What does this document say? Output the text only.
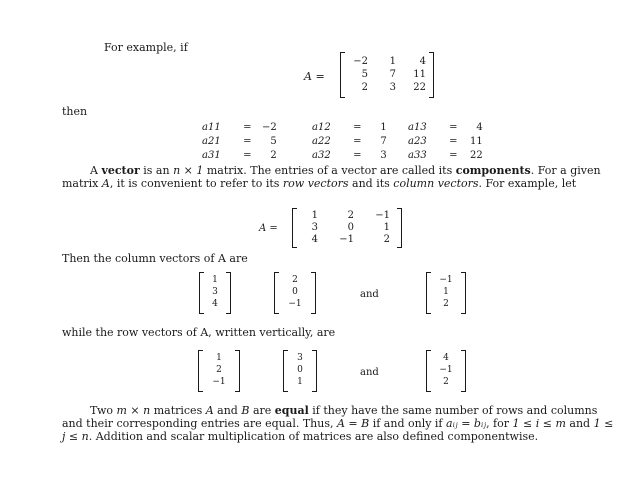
For example, if
A =
−2	1	4
5	7	11
2	3	22
then
a11 = −2	a12 = 1 a13 = 4
a21 = 5	a22 = 7 a23 = 11
a31 = 2	a32 = 3 a33 = 22
A vector is an n × 1 matrix. The entries of a vector are called its components. For a given matrix A, it is convenient to refer to its row vectors and its column vectors. For example, let
A =
1	2	−1
3	0	1
4	−1	2
Then the column vectors of A are
1
3
4
2
0
−1
and
−1
1
2
while the row vectors of A, written vertically, are
1
2
−1
3
0
1
and
4
−1
2
Two m × n matrices A and B are equal if they have the same number of rows and columns and their corresponding entries are equal. Thus, A = B if and only if aᵢⱼ = bᵢⱼ, for 1 ≤ i ≤ m and 1 ≤ j ≤ n. Addition and scalar multiplication of matrices are also defined componentwise.
